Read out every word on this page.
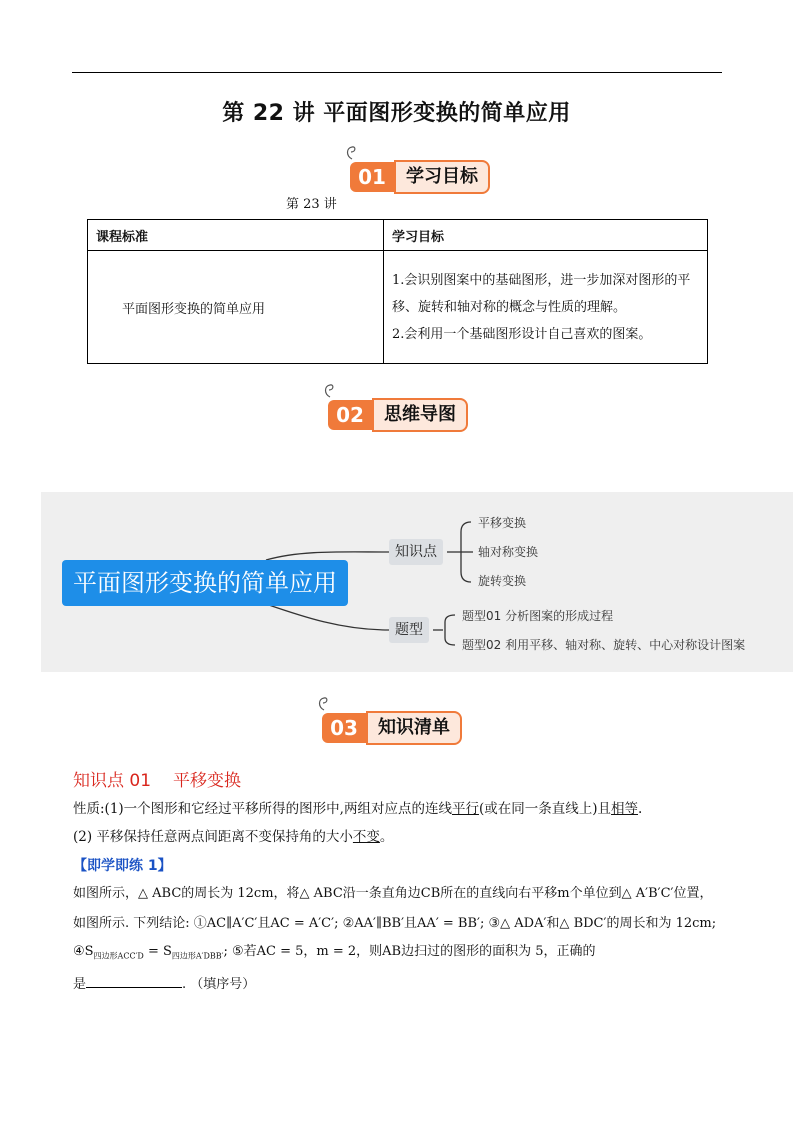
第 22 讲 平面图形变换的简单应用
01	学习目标
第 23 讲
课程标准	学习目标
平面图形变换的简单应用	1.会识别图案中的基础图形，进一步加深对图形的平
移、旋转和轴对称的概念与性质的理解。
2.会利用一个基础图形设计自己喜欢的图案。
02	思维导图
平面图形变换的简单应用
知识点
题型
平移变换
轴对称变换
旋转变换
题型01 分析图案的形成过程
题型02 利用平移、轴对称、旋转、中心对称设计图案
03	知识清单
知识点 01 平移变换
性质:(1)一个图形和它经过平移所得的图形中,两组对应点的连线平行(或在同一条直线上)且相等.
(2) 平移保持任意两点间距离不变保持角的大小不变。
【即学即练 1】
如图所示，△ ABC的周长为 12cm，将△ ABC沿一条直角边CB所在的直线向右平移m个单位到△ A′B′C′位置，
如图所示. 下列结论: ①AC∥A′C′且AC = A′C′; ②AA′∥BB′且AA′ = BB′; ③△ ADA′和△ BDC′的周长和为 12cm;
$④S_{四边形ACC'D} = S_{四边形A'DBB'}$; ⑤若AC = 5，m = 2，则AB边扫过的图形的面积为 5，正确的
是	. （填序号）
